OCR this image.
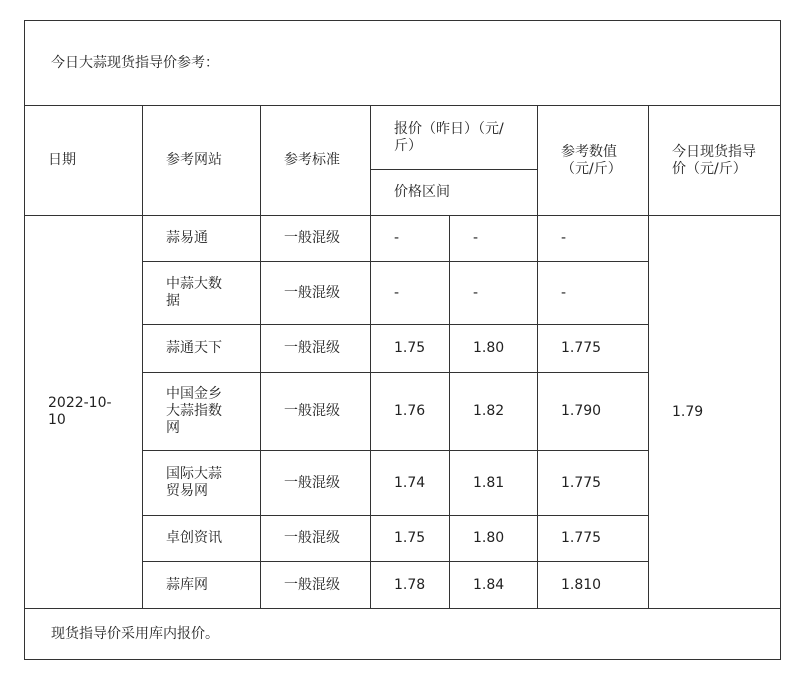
今日大蒜现货指导价参考：						
日期	参考网站	参考标准	报价（昨日）（元/斤）		参考数值（元/斤）	今日现货指导价（元/斤）
			价格区间			
2022-10-10	蒜易通	一般混级	-	-	-	1.79
	中蒜大数据	一般混级	-	-	-	
	蒜通天下	一般混级	1.75	1.80	1.775	
	中国金乡大蒜指数网	一般混级	1.76	1.82	1.790	
	国际大蒜贸易网	一般混级	1.74	1.81	1.775	
	卓创资讯	一般混级	1.75	1.80	1.775	
	蒜库网	一般混级	1.78	1.84	1.810	
现货指导价采用库内报价。						
